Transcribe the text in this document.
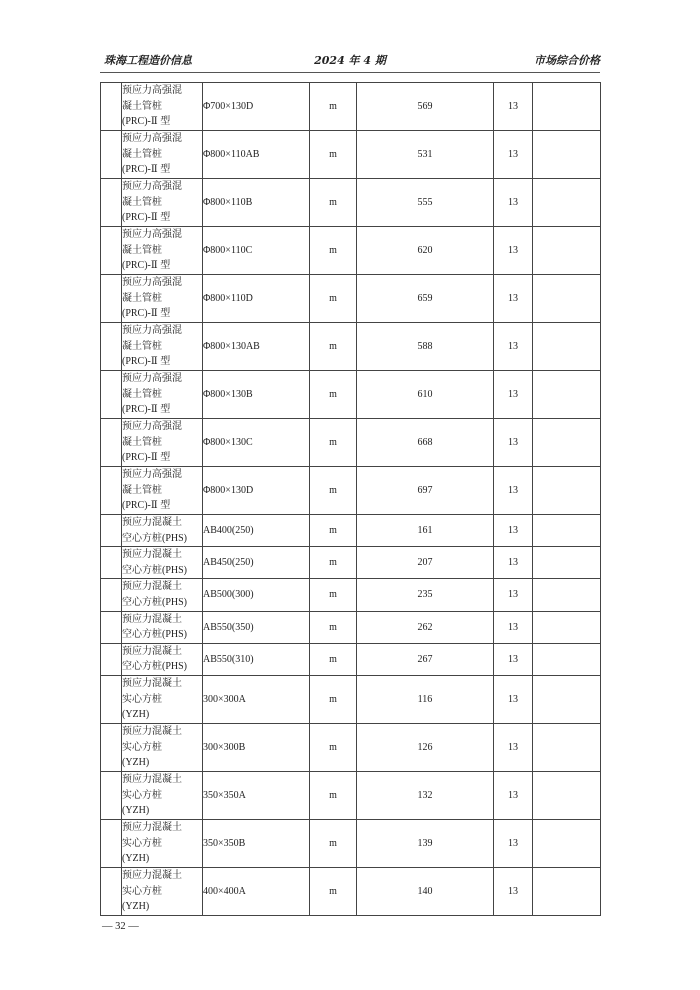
珠海工程造价信息	2024 年 4 期	市场综合价格

	预应力高强混
凝土管桩
(PRC)-Ⅱ 型	Φ700×130D	m	569	13	

	预应力高强混
凝土管桩
(PRC)-Ⅱ 型	Φ800×110AB	m	531	13	

	预应力高强混
凝土管桩
(PRC)-Ⅱ 型	Φ800×110B	m	555	13	

	预应力高强混
凝土管桩
(PRC)-Ⅱ 型	Φ800×110C	m	620	13	

	预应力高强混
凝土管桩
(PRC)-Ⅱ 型	Φ800×110D	m	659	13	

	预应力高强混
凝土管桩
(PRC)-Ⅱ 型	Φ800×130AB	m	588	13	

	预应力高强混
凝土管桩
(PRC)-Ⅱ 型	Φ800×130B	m	610	13	

	预应力高强混
凝土管桩
(PRC)-Ⅱ 型	Φ800×130C	m	668	13	

	预应力高强混
凝土管桩
(PRC)-Ⅱ 型	Φ800×130D	m	697	13	

	预应力混凝土
空心方桩(PHS)	AB400(250)	m	161	13	

	预应力混凝土
空心方桩(PHS)	AB450(250)	m	207	13	

	预应力混凝土
空心方桩(PHS)	AB500(300)	m	235	13	

	预应力混凝土
空心方桩(PHS)	AB550(350)	m	262	13	

	预应力混凝土
空心方桩(PHS)	AB550(310)	m	267	13	

	预应力混凝土
实心方桩
(YZH)	300×300A	m	116	13	

	预应力混凝土
实心方桩
(YZH)	300×300B	m	126	13	

	预应力混凝土
实心方桩
(YZH)	350×350A	m	132	13	

	预应力混凝土
实心方桩
(YZH)	350×350B	m	139	13	

	预应力混凝土
实心方桩
(YZH)	400×400A	m	140	13	
— 32 —
